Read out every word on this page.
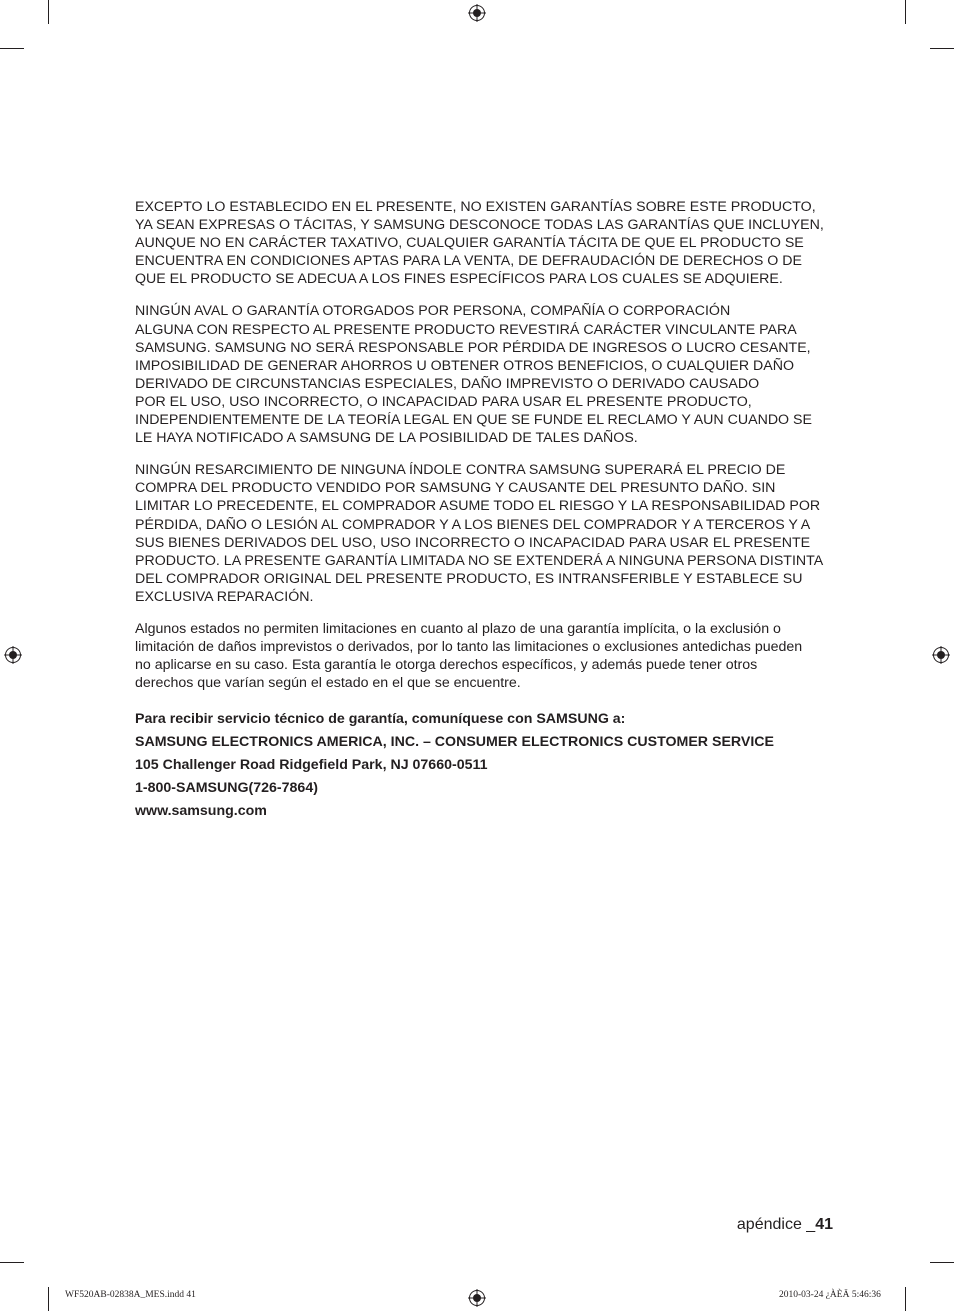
EXCEPTO LO ESTABLECIDO EN EL PRESENTE, NO EXISTEN GARANTÍAS SOBRE ESTE PRODUCTO,
YA SEAN EXPRESAS O TÁCITAS, Y SAMSUNG DESCONOCE TODAS LAS GARANTÍAS QUE INCLUYEN,
AUNQUE NO EN CARÁCTER TAXATIVO, CUALQUIER GARANTÍA TÁCITA DE QUE EL PRODUCTO SE
ENCUENTRA EN CONDICIONES APTAS PARA LA VENTA, DE DEFRAUDACIÓN DE DERECHOS O DE
QUE EL PRODUCTO SE ADECUA A LOS FINES ESPECÍFICOS PARA LOS CUALES SE ADQUIERE.

NINGÚN AVAL O GARANTÍA OTORGADOS POR PERSONA, COMPAÑÍA O CORPORACIÓN
ALGUNA CON RESPECTO AL PRESENTE PRODUCTO REVESTIRÁ CARÁCTER VINCULANTE PARA
SAMSUNG. SAMSUNG NO SERÁ RESPONSABLE POR PÉRDIDA DE INGRESOS O LUCRO CESANTE,
IMPOSIBILIDAD DE GENERAR AHORROS U OBTENER OTROS BENEFICIOS, O CUALQUIER DAÑO
DERIVADO DE CIRCUNSTANCIAS ESPECIALES, DAÑO IMPREVISTO O DERIVADO CAUSADO
POR EL USO, USO INCORRECTO, O INCAPACIDAD PARA USAR EL PRESENTE PRODUCTO,
INDEPENDIENTEMENTE DE LA TEORÍA LEGAL EN QUE SE FUNDE EL RECLAMO Y AUN CUANDO SE
LE HAYA NOTIFICADO A SAMSUNG DE LA POSIBILIDAD DE TALES DAÑOS.

NINGÚN RESARCIMIENTO DE NINGUNA ÍNDOLE CONTRA SAMSUNG SUPERARÁ EL PRECIO DE
COMPRA DEL PRODUCTO VENDIDO POR SAMSUNG Y CAUSANTE DEL PRESUNTO DAÑO. SIN
LIMITAR LO PRECEDENTE, EL COMPRADOR ASUME TODO EL RIESGO Y LA RESPONSABILIDAD POR
PÉRDIDA, DAÑO O LESIÓN AL COMPRADOR Y A LOS BIENES DEL COMPRADOR Y A TERCEROS Y A
SUS BIENES DERIVADOS DEL USO, USO INCORRECTO O INCAPACIDAD PARA USAR EL PRESENTE
PRODUCTO. LA PRESENTE GARANTÍA LIMITADA NO SE EXTENDERÁ A NINGUNA PERSONA DISTINTA
DEL COMPRADOR ORIGINAL DEL PRESENTE PRODUCTO, ES INTRANSFERIBLE Y ESTABLECE SU
EXCLUSIVA REPARACIÓN.

Algunos estados no permiten limitaciones en cuanto al plazo de una garantía implícita, o la exclusión o
limitación de daños imprevistos o derivados, por lo tanto las limitaciones o exclusiones antedichas pueden
no aplicarse en su caso. Esta garantía le otorga derechos específicos, y además puede tener otros
derechos que varían según el estado en el que se encuentre.

Para recibir servicio técnico de garantía, comuníquese con SAMSUNG a:
SAMSUNG ELECTRONICS AMERICA, INC. – CONSUMER ELECTRONICS CUSTOMER SERVICE
105 Challenger Road Ridgefield Park, NJ 07660-0511
1-800-SAMSUNG(726-7864)
www.samsung.com
apéndice _41
WF520AB-02838A_MES.indd 41	2010-03-24 ¿ÀÈÄ 5:46:36
